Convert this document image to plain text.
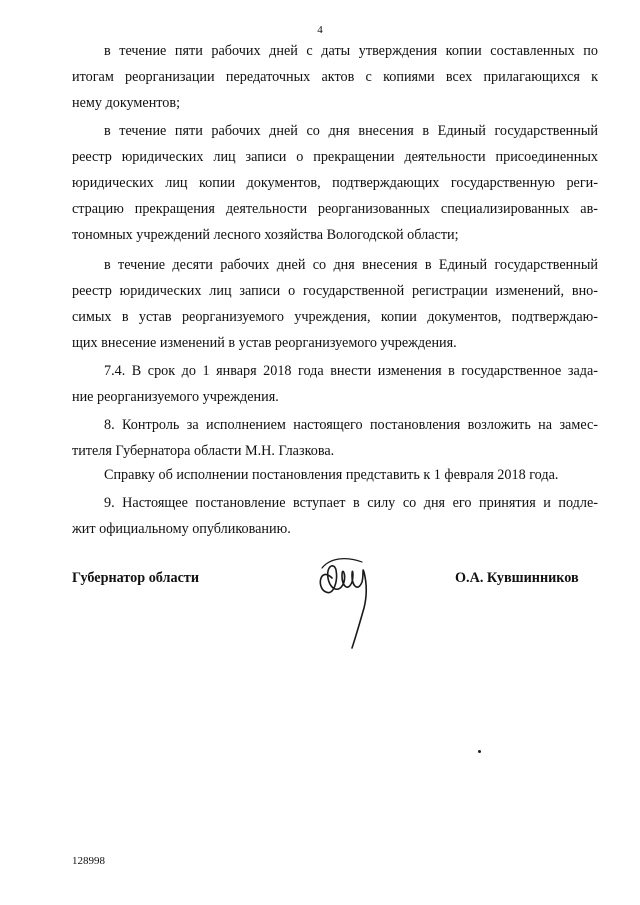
4
в течение пяти рабочих дней с даты утверждения копии составленных по
итогам реорганизации передаточных актов с копиями всех прилагающихся к
нему документов;
в течение пяти рабочих дней со дня внесения в Единый государственный
реестр юридических лиц записи о прекращении деятельности присоединенных
юридических лиц копии документов, подтверждающих государственную реги-
страцию прекращения деятельности реорганизованных специализированных ав-
тономных учреждений лесного хозяйства Вологодской области;
в течение десяти рабочих дней со дня внесения в Единый государственный
реестр юридических лиц записи о государственной регистрации изменений, вно-
симых в устав реорганизуемого учреждения, копии документов, подтверждаю-
щих внесение изменений в устав реорганизуемого учреждения.
7.4. В срок до 1 января 2018 года внести изменения в государственное зада-
ние реорганизуемого учреждения.
8. Контроль за исполнением настоящего постановления возложить на замес-
тителя Губернатора области М.Н. Глазкова.
Справку об исполнении постановления представить к 1 февраля 2018 года.
9. Настоящее постановление вступает в силу со дня его принятия и подле-
жит официальному опубликованию.
Губернатор области	О.А. Кувшинников
128998
